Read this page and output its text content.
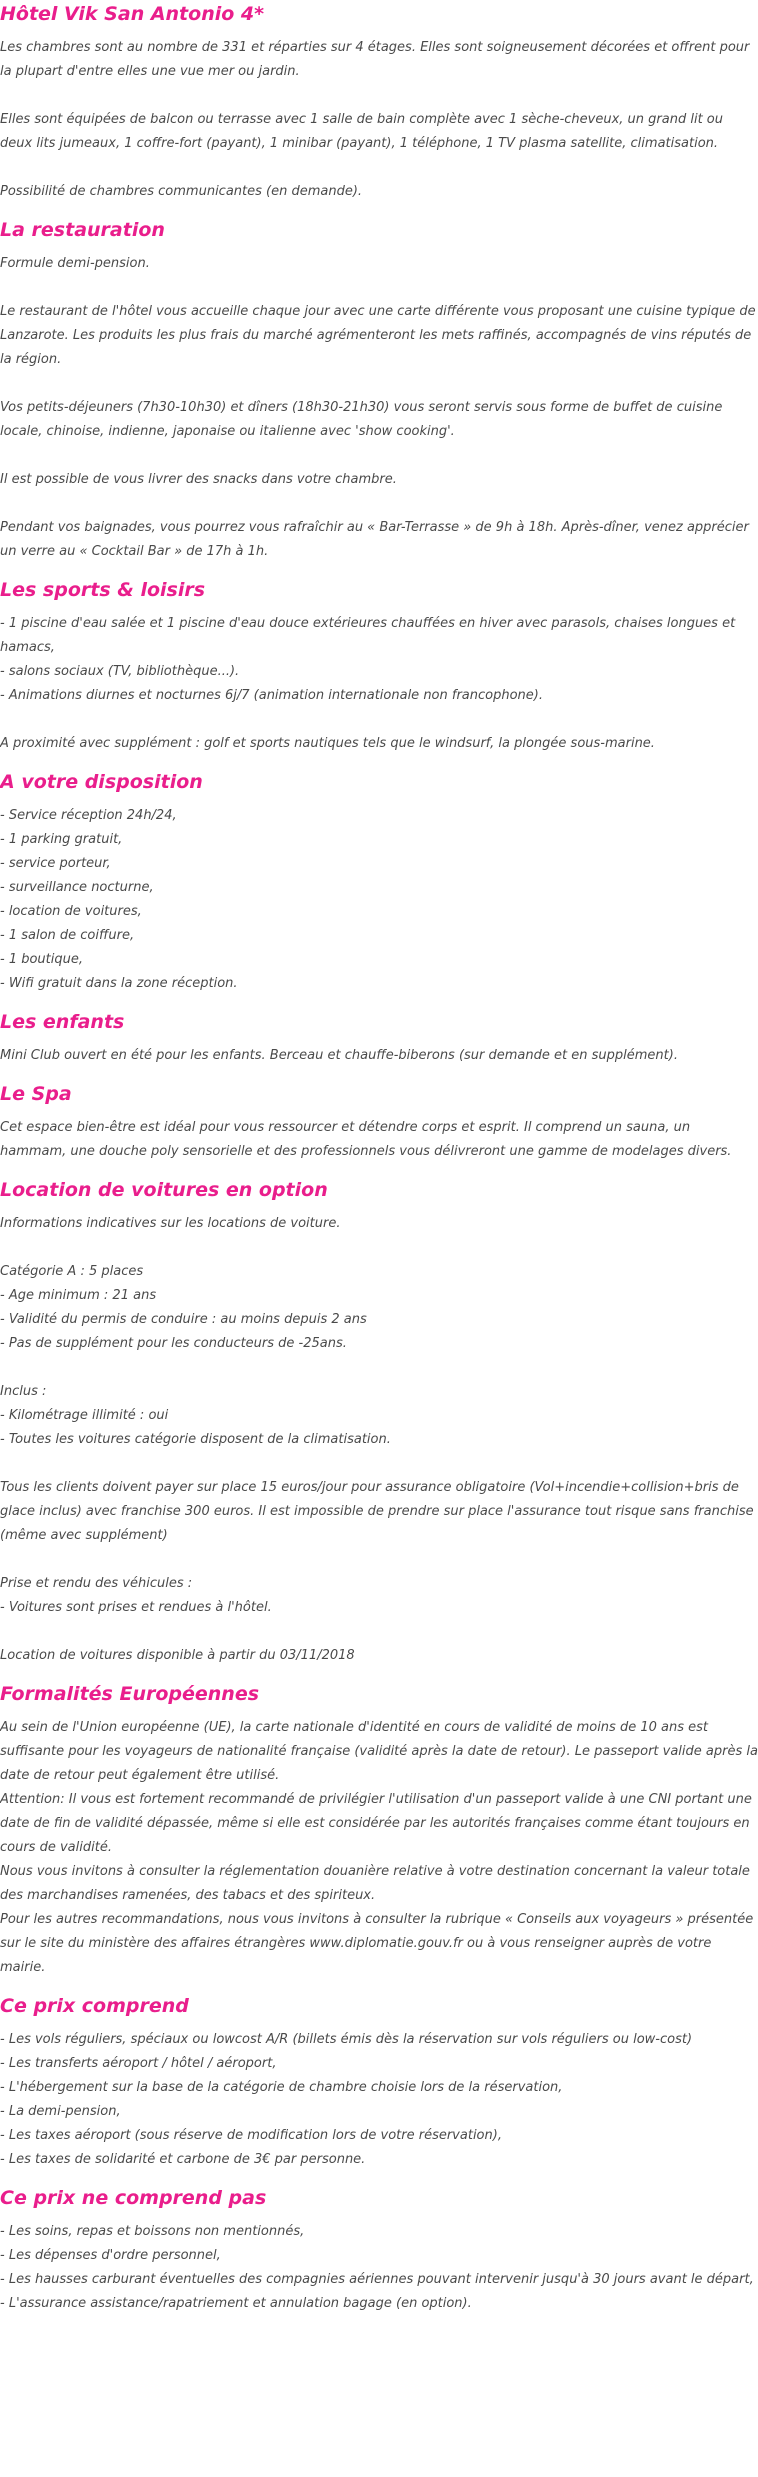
Hôtel Vik San Antonio 4*

Les chambres sont au nombre de 331 et réparties sur 4 étages. Elles sont soigneusement décorées et offrent pour la plupart d'entre elles une vue mer ou jardin.

Elles sont équipées de balcon ou terrasse avec 1 salle de bain complète avec 1 sèche-cheveux, un grand lit ou deux lits jumeaux, 1 coffre-fort (payant), 1 minibar (payant), 1 téléphone, 1 TV plasma satellite, climatisation.

Possibilité de chambres communicantes (en demande).

La restauration

Formule demi-pension.

Le restaurant de l'hôtel vous accueille chaque jour avec une carte différente vous proposant une cuisine typique de Lanzarote. Les produits les plus frais du marché agrémenteront les mets raffinés, accompagnés de vins réputés de la région.

Vos petits-déjeuners (7h30-10h30) et dîners (18h30-21h30) vous seront servis sous forme de buffet de cuisine locale, chinoise, indienne, japonaise ou italienne avec 'show cooking'.

Il est possible de vous livrer des snacks dans votre chambre.

Pendant vos baignades, vous pourrez vous rafraîchir au « Bar-Terrasse » de 9h à 18h. Après-dîner, venez apprécier un verre au « Cocktail Bar » de 17h à 1h.

Les sports & loisirs

- 1 piscine d'eau salée et 1 piscine d'eau douce extérieures chauffées en hiver avec parasols, chaises longues et hamacs,

- salons sociaux (TV, bibliothèque...).

- Animations diurnes et nocturnes 6j/7 (animation internationale non francophone).

A proximité avec supplément : golf et sports nautiques tels que le windsurf, la plongée sous-marine.

A votre disposition

- Service réception 24h/24,

- 1 parking gratuit,

- service porteur,

- surveillance nocturne,

- location de voitures,

- 1 salon de coiffure,

- 1 boutique,

- Wifi gratuit dans la zone réception.

Les enfants

Mini Club ouvert en été pour les enfants. Berceau et chauffe-biberons (sur demande et en supplément).

Le Spa

Cet espace bien-être est idéal pour vous ressourcer et détendre corps et esprit. Il comprend un sauna, un hammam, une douche poly sensorielle et des professionnels vous délivreront une gamme de modelages divers.

Location de voitures en option

Informations indicatives sur les locations de voiture.

Catégorie A : 5 places

- Age minimum : 21 ans

- Validité du permis de conduire : au moins depuis 2 ans

- Pas de supplément pour les conducteurs de -25ans.

Inclus :

- Kilométrage illimité : oui

- Toutes les voitures catégorie disposent de la climatisation.

Tous les clients doivent payer sur place 15 euros/jour pour assurance obligatoire (Vol+incendie+collision+bris de glace inclus) avec franchise 300 euros. Il est impossible de prendre sur place l'assurance tout risque sans franchise (même avec supplément)

Prise et rendu des véhicules :

- Voitures sont prises et rendues à l'hôtel.

Location de voitures disponible à partir du 03/11/2018

Formalités Européennes

Au sein de l'Union européenne (UE), la carte nationale d'identité en cours de validité de moins de 10 ans est suffisante pour les voyageurs de nationalité française (validité après la date de retour). Le passeport valide après la date de retour peut également être utilisé.

Attention: Il vous est fortement recommandé de privilégier l'utilisation d'un passeport valide à une CNI portant une date de fin de validité dépassée, même si elle est considérée par les autorités françaises comme étant toujours en cours de validité.

Nous vous invitons à consulter la réglementation douanière relative à votre destination concernant la valeur totale des marchandises ramenées, des tabacs et des spiriteux.

Pour les autres recommandations, nous vous invitons à consulter la rubrique « Conseils aux voyageurs » présentée sur le site du ministère des affaires étrangères www.diplomatie.gouv.fr ou à vous renseigner auprès de votre mairie.

Ce prix comprend

- Les vols réguliers, spéciaux ou lowcost A/R (billets émis dès la réservation sur vols réguliers ou low-cost)

- Les transferts aéroport / hôtel / aéroport,

- L'hébergement sur la base de la catégorie de chambre choisie lors de la réservation,

- La demi-pension,

- Les taxes aéroport (sous réserve de modification lors de votre réservation),

- Les taxes de solidarité et carbone de 3€ par personne.

Ce prix ne comprend pas

- Les soins, repas et boissons non mentionnés,

- Les dépenses d'ordre personnel,

- Les hausses carburant éventuelles des compagnies aériennes pouvant intervenir jusqu'à 30 jours avant le départ,

- L'assurance assistance/rapatriement et annulation bagage (en option).
